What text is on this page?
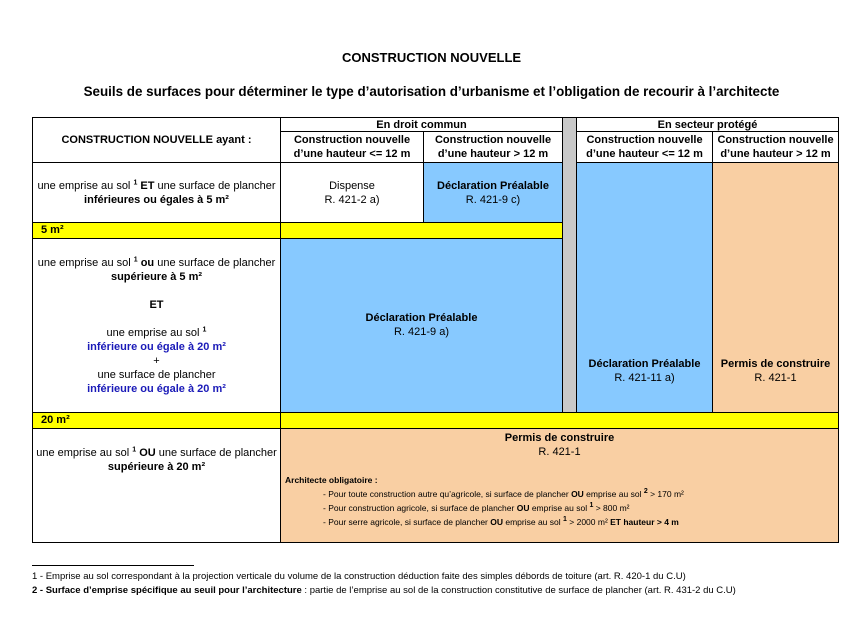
CONSTRUCTION NOUVELLE
Seuils de surfaces pour déterminer le type d’autorisation d’urbanisme et l’obligation de recourir à l’architecte
CONSTRUCTION NOUVELLE ayant :
En droit commun
Construction nouvelle
d’une hauteur <= 12 m
Construction nouvelle
d’une hauteur > 12 m
En secteur protégé
Construction nouvelle
d’une hauteur <= 12 m
Construction nouvelle
d’une hauteur > 12 m
une emprise au sol $^1$ ET une surface de plancher
inférieures ou égales à 5 m²
Dispense
R. 421-2 a)
Déclaration Préalable
R. 421-9 c)
5 m²
une emprise au sol $^1$ ou une surface de plancher
supérieure à 5 m²
ET
une emprise au sol $^1$
inférieure ou égale à 20 m²
+
une surface de plancher
inférieure ou égale à 20 m²
Déclaration Préalable
R. 421-9 a)
Déclaration Préalable
R. 421-11 a)
Permis de construire
R. 421-1
20 m²
une emprise au sol $^1$ OU une surface de plancher
supérieure à 20 m²
Permis de construire
R. 421-1
Architecte obligatoire :
- Pour toute construction autre qu’agricole, si surface de plancher OU emprise au sol $^2$ > 170 m²
- Pour construction agricole, si surface de plancher OU emprise au sol $^1$ > 800 m²
- Pour serre agricole, si surface de plancher OU emprise au sol $^1$ > 2000 m² ET hauteur > 4 m
1 - Emprise au sol correspondant à la projection verticale du volume de la construction déduction faite des simples débords de toiture (art. R. 420-1 du C.U)
2 - Surface d’emprise spécifique au seuil pour l’architecture : partie de l’emprise au sol de la construction constitutive de surface de plancher (art. R. 431-2 du C.U)
